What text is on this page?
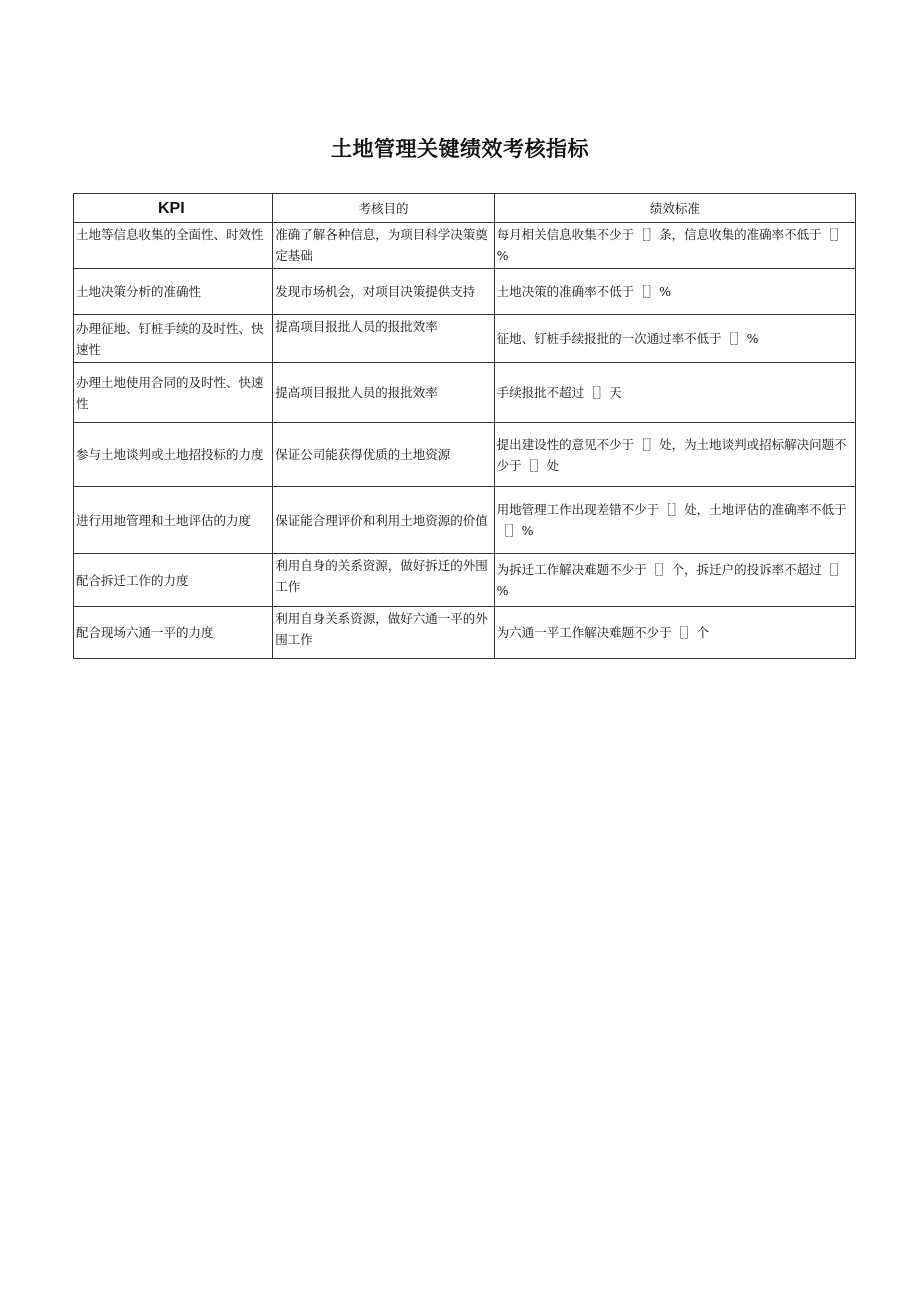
土地管理关键绩效考核指标
KPI	考核目的	绩效标准
土地等信息收集的全面性、时效性	准确了解各种信息，为项目科学决策奠定基础	每月相关信息收集不少于［］条，信息收集的准确率不低于［］%
土地决策分析的准确性	发现市场机会，对项目决策提供支持	土地决策的准确率不低于［］%
办理征地、钉桩手续的及时性、快速性	提高项目报批人员的报批效率	征地、钉桩手续报批的一次通过率不低于［］%
办理土地使用合同的及时性、快速性	提高项目报批人员的报批效率	手续报批不超过［］天
参与土地谈判或土地招投标的力度	保证公司能获得优质的土地资源	提出建设性的意见不少于［］处，为土地谈判或招标解决问题不少于［］处
进行用地管理和土地评估的力度	保证能合理评价和利用土地资源的价值	用地管理工作出现差错不少于［］处，土地评估的准确率不低于［］%
配合拆迁工作的力度	利用自身的关系资源，做好拆迁的外围工作	为拆迁工作解决难题不少于［］个，拆迁户的投诉率不超过［］%
配合现场六通一平的力度	利用自身关系资源，做好六通一平的外围工作	为六通一平工作解决难题不少于［］个
